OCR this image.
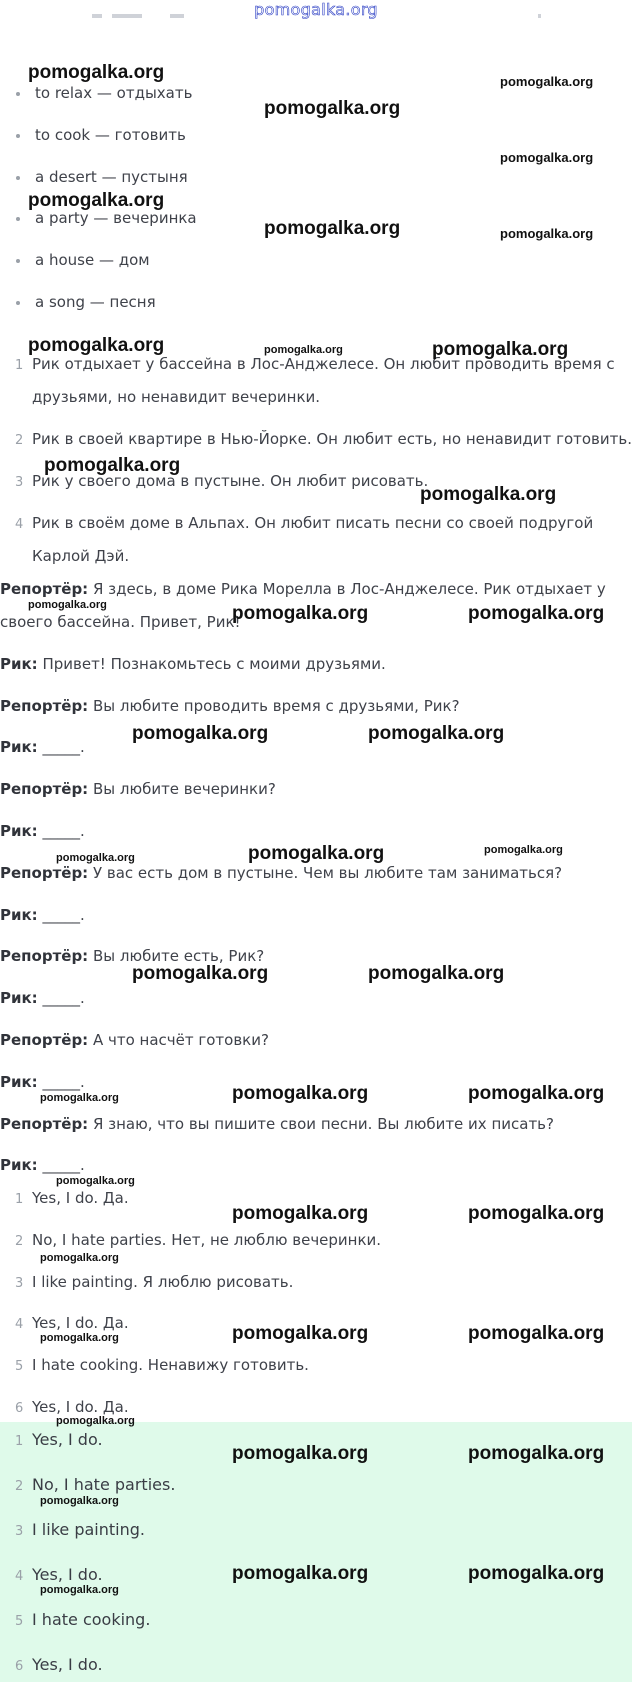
pomogalka.org
to relax — отдыхать
to cook — готовить
a desert — пустыня
a party — вечеринка
a house — дом
a song — песня
1 Рик отдыхает у бассейна в Лос-Анджелесе. Он любит проводить время с
друзьями, но ненавидит вечеринки.
2 Рик в своей квартире в Нью-Йорке. Он любит есть, но ненавидит готовить.
3 Рик у своего дома в пустыне. Он любит рисовать.
4 Рик в своём доме в Альпах. Он любит писать песни со своей подругой
Карлой Дэй.
Репортёр: Я здесь, в доме Рика Морелла в Лос-Анджелесе. Рик отдыхает у
своего бассейна. Привет, Рик!
Рик: Привет! Познакомьтесь с моими друзьями.
Репортёр: Вы любите проводить время с друзьями, Рик?
Рик: _____.
Репортёр: Вы любите вечеринки?
Рик: _____.
Репортёр: У вас есть дом в пустыне. Чем вы любите там заниматься?
Рик: _____.
Репортёр: Вы любите есть, Рик?
Рик: _____.
Репортёр: А что насчёт готовки?
Рик: _____.
Репортёр: Я знаю, что вы пишите свои песни. Вы любите их писать?
Рик: _____.
1 Yes, I do. Да.
2 No, I hate parties. Нет, не люблю вечеринки.
3 I like painting. Я люблю рисовать.
4 Yes, I do. Да.
5 I hate cooking. Ненавижу готовить.
6 Yes, I do. Да.
1 Yes, I do.
2 No, I hate parties.
3 I like painting.
4 Yes, I do.
5 I hate cooking.
6 Yes, I do.
pomogalka.org	pomogalka.org
pomogalka.org
pomogalka.org
pomogalka.org
pomogalka.org	pomogalka.org
pomogalka.org	pomogalka.org	pomogalka.org
pomogalka.org
pomogalka.org
pomogalka.org	pomogalka.org	pomogalka.org
pomogalka.org	pomogalka.org
pomogalka.org	pomogalka.org	pomogalka.org
pomogalka.org	pomogalka.org
pomogalka.org	pomogalka.org	pomogalka.org
pomogalka.org
pomogalka.org	pomogalka.org
pomogalka.org
pomogalka.org	pomogalka.org	pomogalka.org
pomogalka.org
pomogalka.org	pomogalka.org
pomogalka.org
pomogalka.org	pomogalka.org
pomogalka.org
